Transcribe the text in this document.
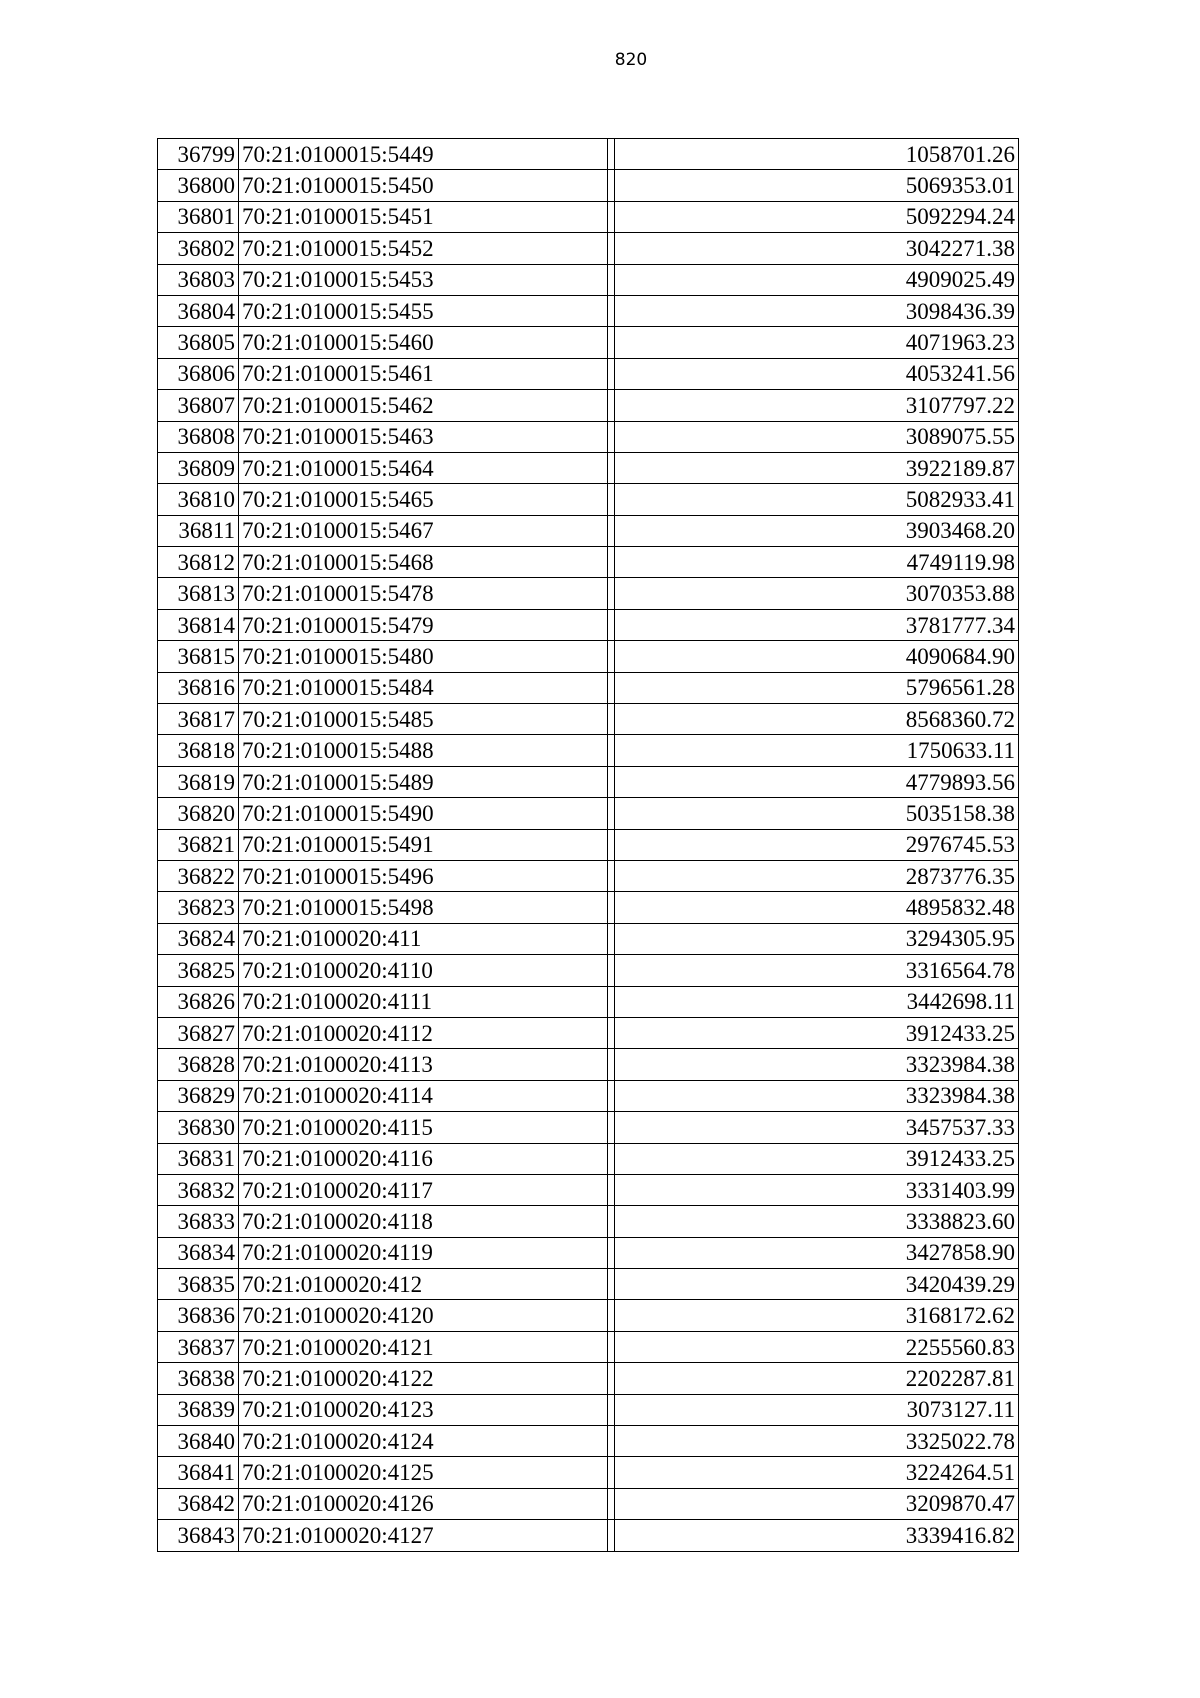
820
36799	70:21:0100015:5449		1058701.26
36800	70:21:0100015:5450		5069353.01
36801	70:21:0100015:5451		5092294.24
36802	70:21:0100015:5452		3042271.38
36803	70:21:0100015:5453		4909025.49
36804	70:21:0100015:5455		3098436.39
36805	70:21:0100015:5460		4071963.23
36806	70:21:0100015:5461		4053241.56
36807	70:21:0100015:5462		3107797.22
36808	70:21:0100015:5463		3089075.55
36809	70:21:0100015:5464		3922189.87
36810	70:21:0100015:5465		5082933.41
36811	70:21:0100015:5467		3903468.20
36812	70:21:0100015:5468		4749119.98
36813	70:21:0100015:5478		3070353.88
36814	70:21:0100015:5479		3781777.34
36815	70:21:0100015:5480		4090684.90
36816	70:21:0100015:5484		5796561.28
36817	70:21:0100015:5485		8568360.72
36818	70:21:0100015:5488		1750633.11
36819	70:21:0100015:5489		4779893.56
36820	70:21:0100015:5490		5035158.38
36821	70:21:0100015:5491		2976745.53
36822	70:21:0100015:5496		2873776.35
36823	70:21:0100015:5498		4895832.48
36824	70:21:0100020:411		3294305.95
36825	70:21:0100020:4110		3316564.78
36826	70:21:0100020:4111		3442698.11
36827	70:21:0100020:4112		3912433.25
36828	70:21:0100020:4113		3323984.38
36829	70:21:0100020:4114		3323984.38
36830	70:21:0100020:4115		3457537.33
36831	70:21:0100020:4116		3912433.25
36832	70:21:0100020:4117		3331403.99
36833	70:21:0100020:4118		3338823.60
36834	70:21:0100020:4119		3427858.90
36835	70:21:0100020:412		3420439.29
36836	70:21:0100020:4120		3168172.62
36837	70:21:0100020:4121		2255560.83
36838	70:21:0100020:4122		2202287.81
36839	70:21:0100020:4123		3073127.11
36840	70:21:0100020:4124		3325022.78
36841	70:21:0100020:4125		3224264.51
36842	70:21:0100020:4126		3209870.47
36843	70:21:0100020:4127		3339416.82
